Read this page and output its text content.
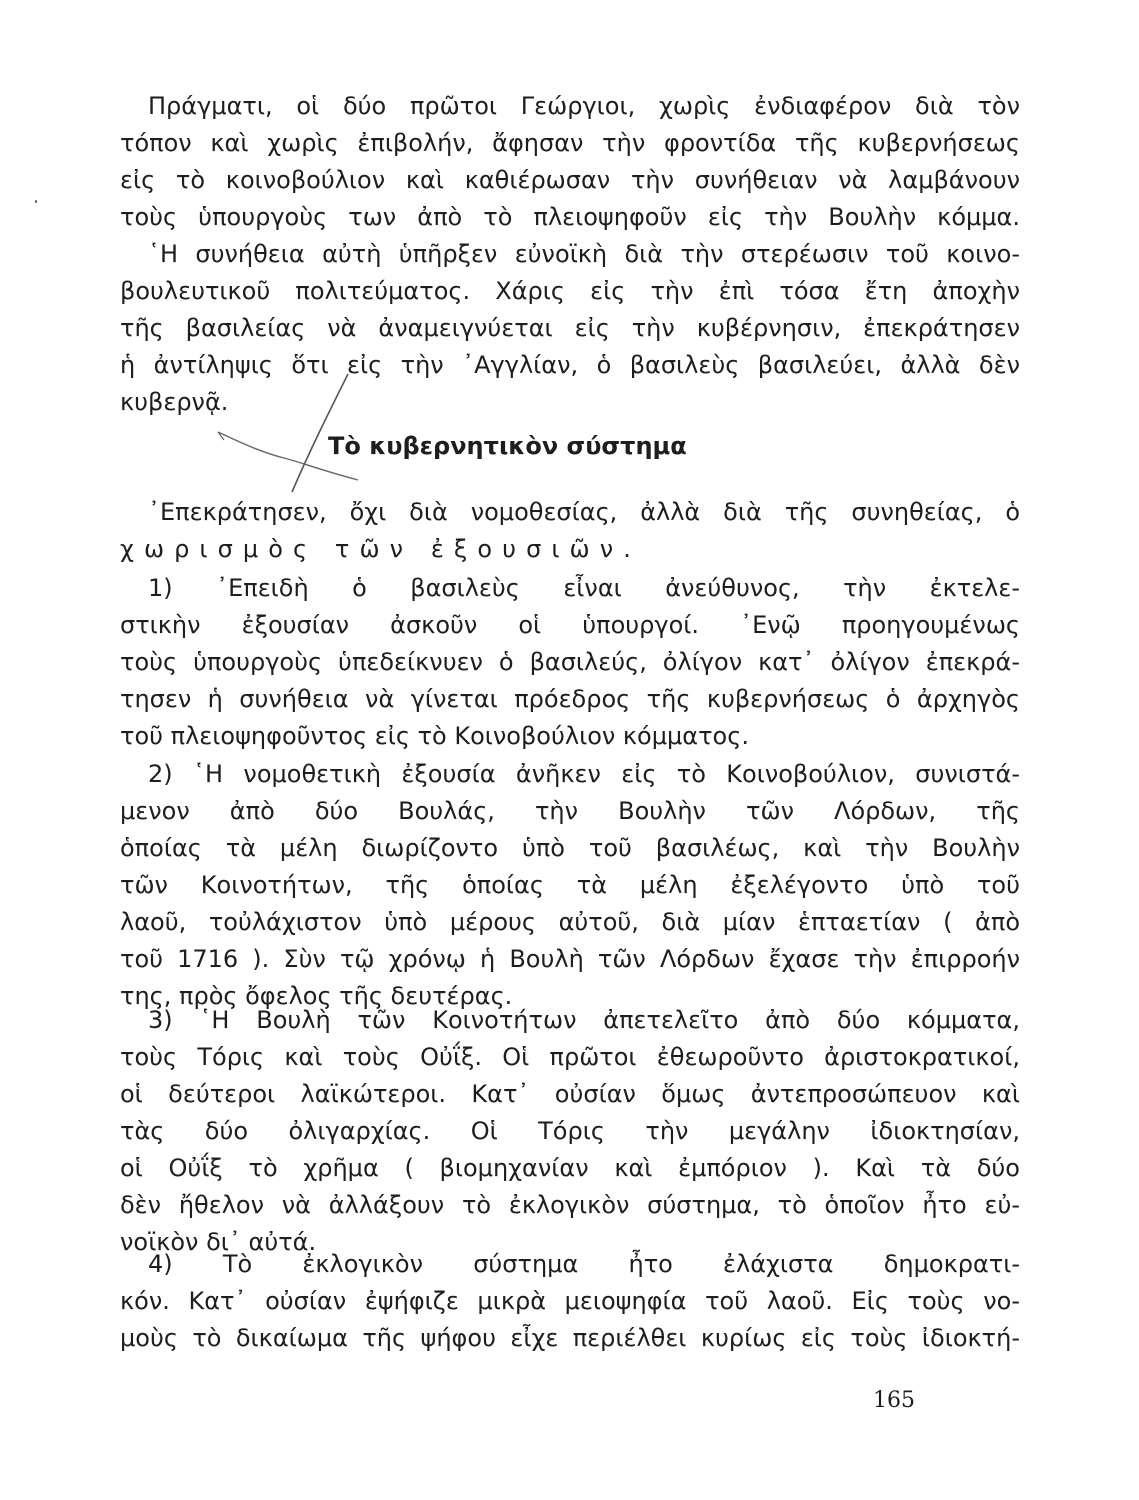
Πράγματι, οἱ δύο πρῶτοι Γεώργιοι, χωρὶς ἐνδιαφέρον διὰ τὸν
τόπον καὶ χωρὶς ἐπιβολήν, ἄφησαν τὴν φροντίδα τῆς κυβερνήσεως
εἰς τὸ κοινοβούλιον καὶ καθιέρωσαν τὴν συνήθειαν νὰ λαμβάνουν
τοὺς ὑπουργοὺς των ἀπὸ τὸ πλειοψηφοῦν εἰς τὴν Βουλὴν κόμμα.
῾Η συνήθεια αὐτὴ ὑπῆρξεν εὐνοϊκὴ διὰ τὴν στερέωσιν τοῦ κοινο-
βουλευτικοῦ πολιτεύματος. Χάρις εἰς τὴν ἐπὶ τόσα ἔτη ἀποχὴν
τῆς βασιλείας νὰ ἀναμειγνύεται εἰς τὴν κυβέρνησιν, ἐπεκράτησεν
ἡ ἀντίληψις ὅτι εἰς τὴν ᾽Αγγλίαν, ὁ βασιλεὺς βασιλεύει, ἀλλὰ δὲν
κυβερνᾷ.
Τὸ κυβερνητικὸν σύστημα
᾽Επεκράτησεν, ὄχι διὰ νομοθεσίας, ἀλλὰ διὰ τῆς συνηθείας, ὁ
χωρισμὸς τῶν ἐξουσιῶν.
1) ᾽Επειδὴ ὁ βασιλεὺς εἶναι ἀνεύθυνος, τὴν ἐκτελε-
στικὴν ἐξουσίαν ἀσκοῦν οἱ ὑπουργοί. ᾽Ενῷ προηγουμένως
τοὺς ὑπουργοὺς ὑπεδείκνυεν ὁ βασιλεύς, ὀλίγον κατ᾽ ὀλίγον ἐπεκρά-
τησεν ἡ συνήθεια νὰ γίνεται πρόεδρος τῆς κυβερνήσεως ὁ ἀρχηγὸς
τοῦ πλειοψηφοῦντος εἰς τὸ Κοινοβούλιον κόμματος.
2) ῾Η νομοθετικὴ ἐξουσία ἀνῆκεν εἰς τὸ Κοινοβούλιον, συνιστά-
μενον ἀπὸ δύο Βουλάς, τὴν Βουλὴν τῶν Λόρδων, τῆς
ὁποίας τὰ μέλη διωρίζοντο ὑπὸ τοῦ βασιλέως, καὶ τὴν Βουλὴν
τῶν Κοινοτήτων, τῆς ὁποίας τὰ μέλη ἐξελέγοντο ὑπὸ τοῦ
λαοῦ, τοὐλάχιστον ὑπὸ μέρους αὐτοῦ, διὰ μίαν ἑπταετίαν ( ἀπὸ
τοῦ 1716 ). Σὺν τῷ χρόνῳ ἡ Βουλὴ τῶν Λόρδων ἔχασε τὴν ἐπιρροήν
της, πρὸς ὄφελος τῆς δευτέρας.
3) ῾Η Βουλὴ τῶν Κοινοτήτων ἀπετελεῖτο ἀπὸ δύο κόμματα,
τοὺς Τόρις καὶ τοὺς Οὐΐξ. Οἱ πρῶτοι ἐθεωροῦντο ἀριστοκρατικοί,
οἱ δεύτεροι λαϊκώτεροι. Κατ᾽ οὐσίαν ὅμως ἀντεπροσώπευον καὶ
τὰς δύο ὀλιγαρχίας. Οἱ Τόρις τὴν μεγάλην ἰδιοκτησίαν,
οἱ Οὐΐξ τὸ χρῆμα ( βιομηχανίαν καὶ ἐμπόριον ). Καὶ τὰ δύο
δὲν ἤθελον νὰ ἀλλάξουν τὸ ἐκλογικὸν σύστημα, τὸ ὁποῖον ἦτο εὐ-
νοϊκὸν δι᾽ αὐτά.
4) Τὸ ἐκλογικὸν σύστημα ἦτο ἐλάχιστα δημοκρατι-
κόν. Κατ᾽ οὐσίαν ἐψήφιζε μικρὰ μειοψηφία τοῦ λαοῦ. Εἰς τοὺς νο-
μοὺς τὸ δικαίωμα τῆς ψήφου εἶχε περιέλθει κυρίως εἰς τοὺς ἰδιοκτή-
165
